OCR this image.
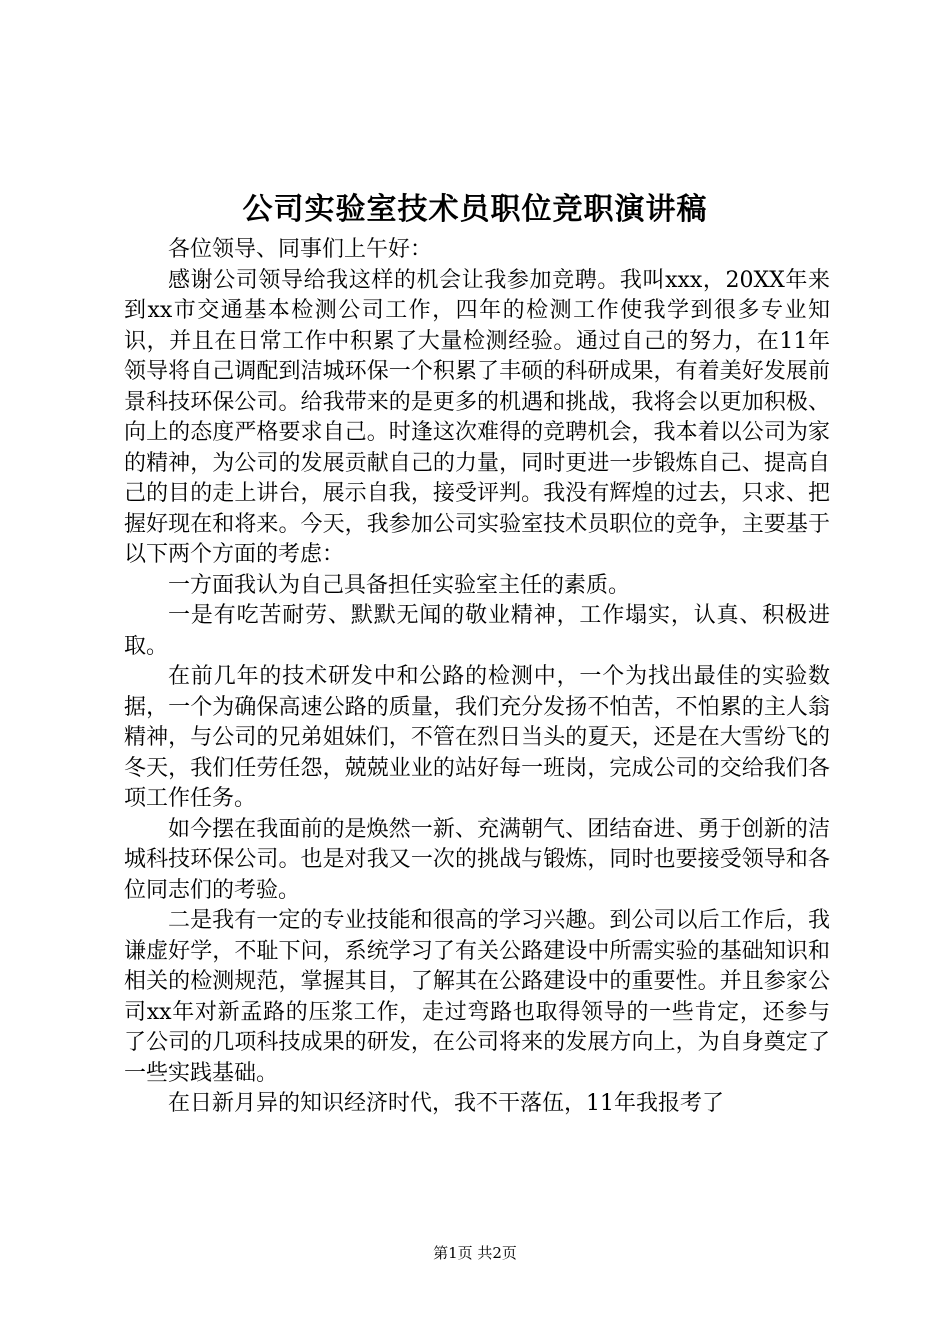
公司实验室技术员职位竞职演讲稿

各位领导、同事们上午好：

感谢公司领导给我这样的机会让我参加竞聘。我叫xxx，20XX年来到xx市交通基本检测公司工作，四年的检测工作使我学到很多专业知识，并且在日常工作中积累了大量检测经验。通过自己的努力，在11年领导将自己调配到洁城环保一个积累了丰硕的科研成果，有着美好发展前景科技环保公司。给我带来的是更多的机遇和挑战，我将会以更加积极、向上的态度严格要求自己。时逢这次难得的竞聘机会，我本着以公司为家的精神，为公司的发展贡献自己的力量，同时更进一步锻炼自己、提高自己的目的走上讲台，展示自我，接受评判。我没有辉煌的过去，只求、把握好现在和将来。今天，我参加公司实验室技术员职位的竞争，主要基于以下两个方面的考虑：

一方面我认为自己具备担任实验室主任的素质。

一是有吃苦耐劳、默默无闻的敬业精神，工作塌实，认真、积极进取。

在前几年的技术研发中和公路的检测中，一个为找出最佳的实验数据，一个为确保高速公路的质量，我们充分发扬不怕苦，不怕累的主人翁精神，与公司的兄弟姐妹们，不管在烈日当头的夏天，还是在大雪纷飞的冬天，我们任劳任怨，兢兢业业的站好每一班岗，完成公司的交给我们各项工作任务。

如今摆在我面前的是焕然一新、充满朝气、团结奋进、勇于创新的洁城科技环保公司。也是对我又一次的挑战与锻炼，同时也要接受领导和各位同志们的考验。

二是我有一定的专业技能和很高的学习兴趣。到公司以后工作后，我谦虚好学，不耻下问，系统学习了有关公路建设中所需实验的基础知识和相关的检测规范，掌握其目，了解其在公路建设中的重要性。并且参家公司xx年对新孟路的压浆工作，走过弯路也取得领导的一些肯定，还参与了公司的几项科技成果的研发，在公司将来的发展方向上，为自身奠定了一些实践基础。

在日新月异的知识经济时代，我不干落伍，11年我报考了

第1页 共2页
